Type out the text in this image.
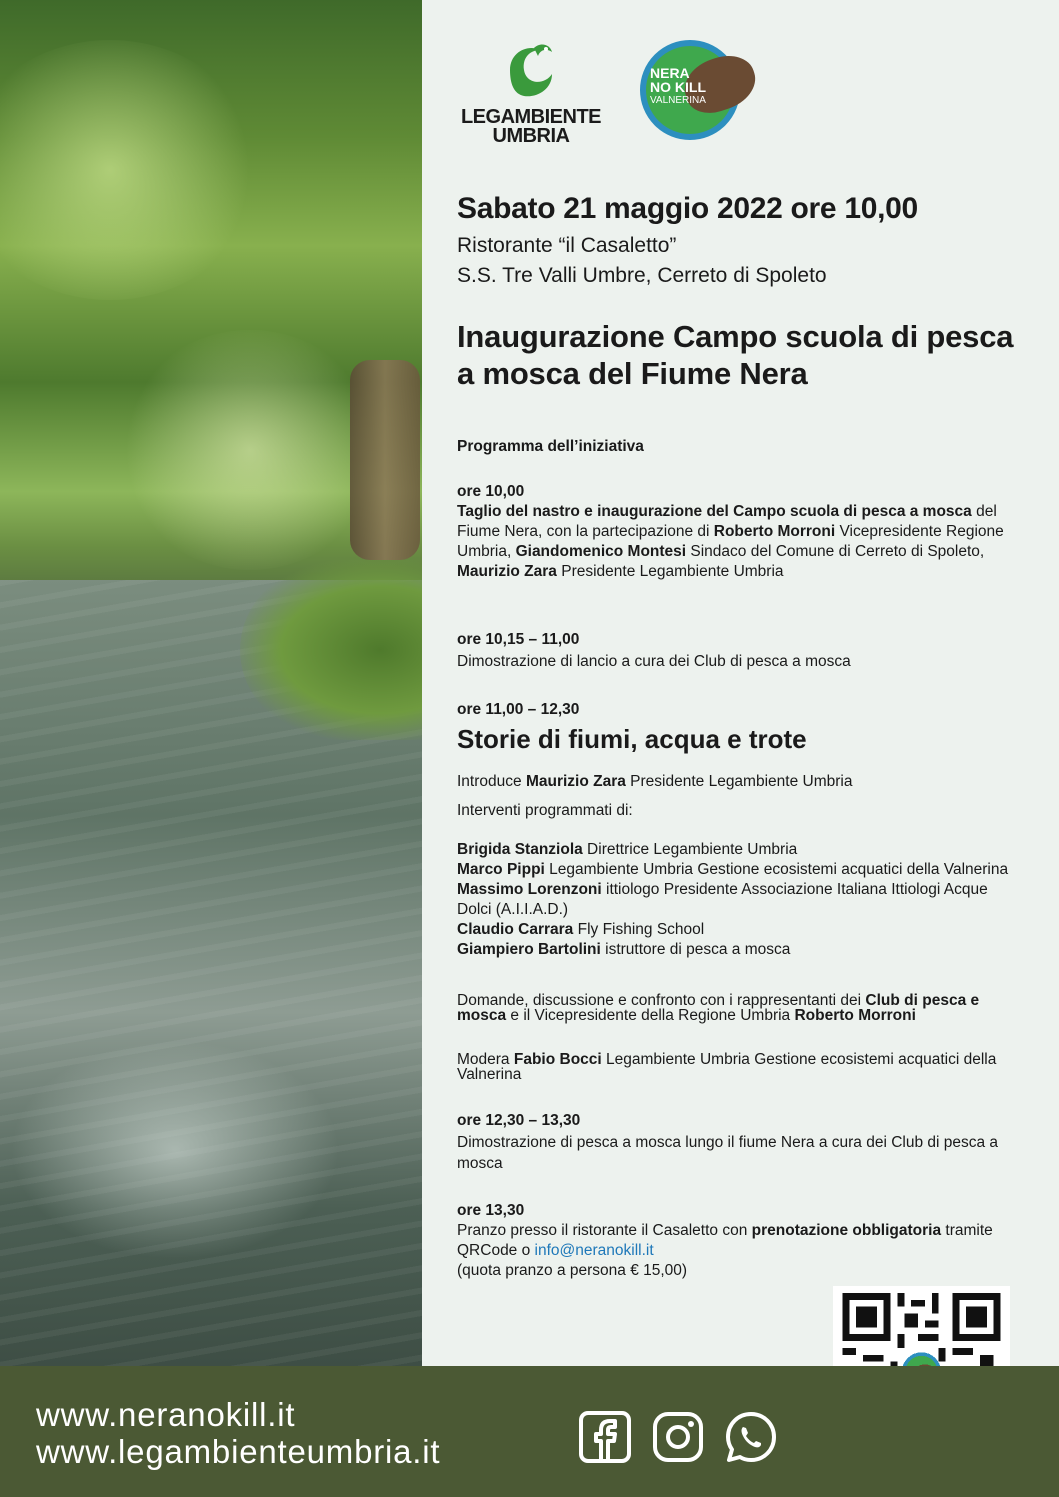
LEGAMBIENTE UMBRIA
NERA
NO KILL
VALNERINA
Sabato 21 maggio 2022 ore 10,00
Ristorante “il Casaletto”
S.S. Tre Valli Umbre, Cerreto di Spoleto
Inaugurazione Campo scuola di pesca a mosca del Fiume Nera
Programma dell’iniziativa
ore 10,00
Taglio del nastro e inaugurazione del Campo scuola di pesca a mosca del Fiume Nera, con la partecipazione di Roberto Morroni Vicepresidente Regione Umbria, Giandomenico Montesi Sindaco del Comune di Cerreto di Spoleto, Maurizio Zara Presidente Legambiente Umbria
ore 10,15 – 11,00
Dimostrazione di lancio a cura dei Club di pesca a mosca
ore 11,00 – 12,30
Storie di fiumi, acqua e trote
Introduce Maurizio Zara Presidente Legambiente Umbria
Interventi programmati di:
Brigida Stanziola Direttrice Legambiente Umbria
Marco Pippi Legambiente Umbria Gestione ecosistemi acquatici della Valnerina
Massimo Lorenzoni ittiologo Presidente Associazione Italiana Ittiologi Acque Dolci (A.I.I.A.D.)
Claudio Carrara Fly Fishing School
Giampiero Bartolini istruttore di pesca a mosca
Domande, discussione e confronto con i rappresentanti dei Club di pesca e mosca e il Vicepresidente della Regione Umbria Roberto Morroni
Modera Fabio Bocci Legambiente Umbria Gestione ecosistemi acquatici della Valnerina
ore 12,30 – 13,30
Dimostrazione di pesca a mosca lungo il fiume Nera a cura dei Club di pesca a mosca
ore 13,30
Pranzo presso il ristorante il Casaletto con prenotazione obbligatoria tramite QRCode o info@neranokill.it
(quota pranzo a persona € 15,00)
www.neranokill.it
www.legambienteumbria.it
